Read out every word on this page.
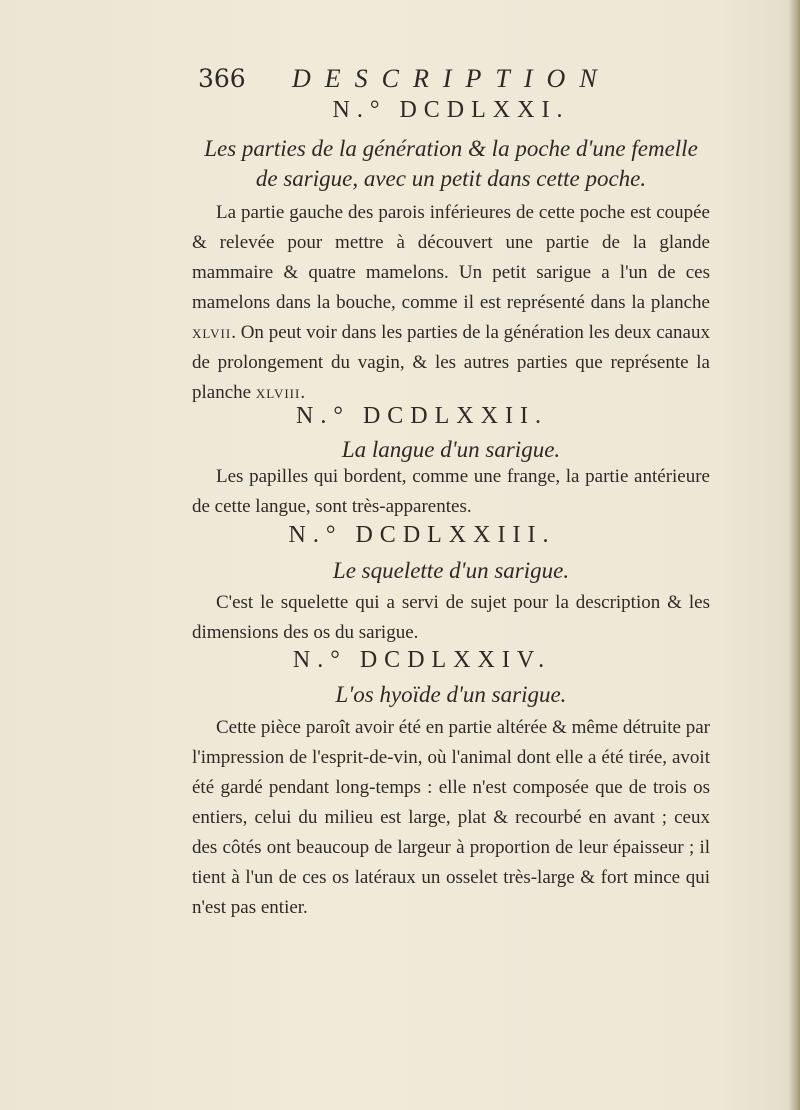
366 DESCRIPTION

N.° DCDLXXI.

Les parties de la génération & la poche d'une femelle

de sarigue, avec un petit dans cette poche.

La partie gauche des parois inférieures de cette poche est coupée & relevée pour mettre à découvert une partie de la glande mammaire & quatre mamelons. Un petit sarigue a l'un de ces mamelons dans la bouche, comme il est représenté dans la planche xlvii. On peut voir dans les parties de la génération les deux canaux de prolongement du vagin, & les autres parties que représente la planche xlviii.

N.° DCDLXXII.

La langue d'un sarigue.

Les papilles qui bordent, comme une frange, la partie antérieure de cette langue, sont très-apparentes.

N.° DCDLXXIII.

Le squelette d'un sarigue.

C'est le squelette qui a servi de sujet pour la description & les dimensions des os du sarigue.

N.° DCDLXXIV.

L'os hyoïde d'un sarigue.

Cette pièce paroît avoir été en partie altérée & même détruite par l'impression de l'esprit-de-vin, où l'animal dont elle a été tirée, avoit été gardé pendant long-temps : elle n'est composée que de trois os entiers, celui du milieu est large, plat & recourbé en avant ; ceux des côtés ont beaucoup de largeur à proportion de leur épaisseur ; il tient à l'un de ces os latéraux un osselet très-large & fort mince qui n'est pas entier.
